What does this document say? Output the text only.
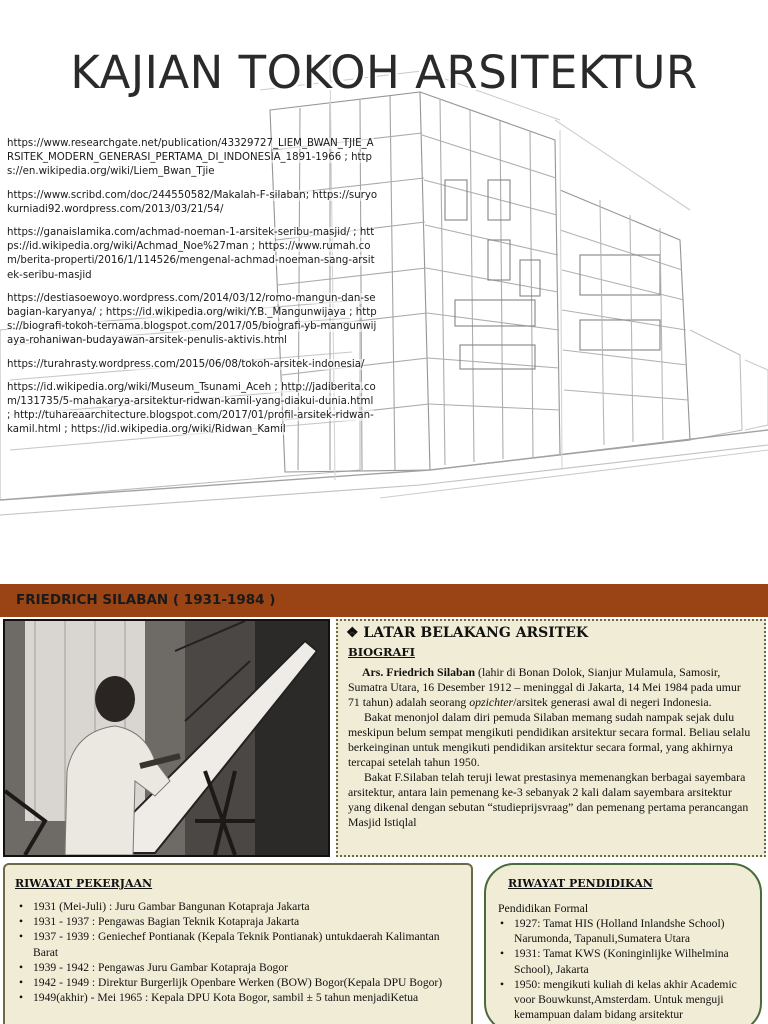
KAJIAN TOKOH ARSITEKTUR

https://www.researchgate.net/publication/43329727_LIEM_BWAN_TJIE_ARSITEK_MODERN_GENERASI_PERTAMA_DI_INDONESIA_1891-1966 ; https://en.wikipedia.org/wiki/Liem_Bwan_Tjie

https://www.scribd.com/doc/244550582/Makalah-F-silaban; https://suryokurniadi92.wordpress.com/2013/03/21/54/

https://ganaislamika.com/achmad-noeman-1-arsitek-seribu-masjid/ ; https://id.wikipedia.org/wiki/Achmad_Noe%27man ; https://www.rumah.com/berita-properti/2016/1/114526/mengenal-achmad-noeman-sang-arsitek-seribu-masjid

https://destiasoewoyo.wordpress.com/2014/03/12/romo-mangun-dan-sebagian-karyanya/ ; https://id.wikipedia.org/wiki/Y.B._Mangunwijaya ; https://biografi-tokoh-ternama.blogspot.com/2017/05/biografi-yb-mangunwijaya-rohaniwan-budayawan-arsitek-penulis-aktivis.html

https://turahrasty.wordpress.com/2015/06/08/tokoh-arsitek-indonesia/

https://id.wikipedia.org/wiki/Museum_Tsunami_Aceh ; http://jadiberita.com/131735/5-mahakarya-arsitektur-ridwan-kamil-yang-diakui-dunia.html ; http://tuhareaarchitecture.blogspot.com/2017/01/profil-arsitek-ridwan-kamil.html ; https://id.wikipedia.org/wiki/Ridwan_Kamil

FRIEDRICH SILABAN ( 1931-1984 )
❖ LATAR BELAKANG ARSITEK
BIOGRAFI

Ars. Friedrich Silaban (lahir di Bonan Dolok, Sianjur Mulamula, Samosir, Sumatra Utara, 16 Desember 1912 – meninggal di Jakarta, 14 Mei 1984 pada umur 71 tahun) adalah seorang opzichter/arsitek generasi awal di negeri Indonesia.

Bakat menonjol dalam diri pemuda Silaban memang sudah nampak sejak dulu meskipun belum sempat mengikuti pendidikan arsitektur secara formal. Beliau selalu berkeinginan untuk mengikuti pendidikan arsitektur secara formal, yang akhirnya tercapai setelah tahun 1950.

Bakat F.Silaban telah teruji lewat prestasinya memenangkan berbagai sayembara arsitektur, antara lain pemenang ke-3 sebanyak 2 kali dalam sayembara arsitektur yang dikenal dengan sebutan “studieprijsvraag” dan pemenang pertama perancangan Masjid Istiqlal

RIWAYAT PEKERJAAN
• 1931 (Mei-Juli) : Juru Gambar Bangunan Kotapraja Jakarta
• 1931 - 1937 : Pengawas Bagian Teknik Kotapraja Jakarta
• 1937 - 1939 : Geniechef Pontianak (Kepala Teknik Pontianak) untukdaerah Kalimantan Barat
• 1939 - 1942 : Pengawas Juru Gambar Kotapraja Bogor
• 1942 - 1949 : Direktur Burgerlijk Openbare Werken (BOW) Bogor(Kepala DPU Bogor)
• 1949(akhir) - Mei 1965 : Kepala DPU Kota Bogor, sambil ± 5 tahun menjadiKetua
RIWAYAT PENDIDIKAN
Pendidikan Formal
• 1927: Tamat HIS (Holland Inlandshe School) Narumonda, Tapanuli,Sumatera Utara
• 1931: Tamat KWS (Koninginlijke Wilhelmina School), Jakarta
• 1950: mengikuti kuliah di kelas akhir Academic voor Bouwkunst,Amsterdam. Untuk menguji kemampuan dalam bidang arsitektur
